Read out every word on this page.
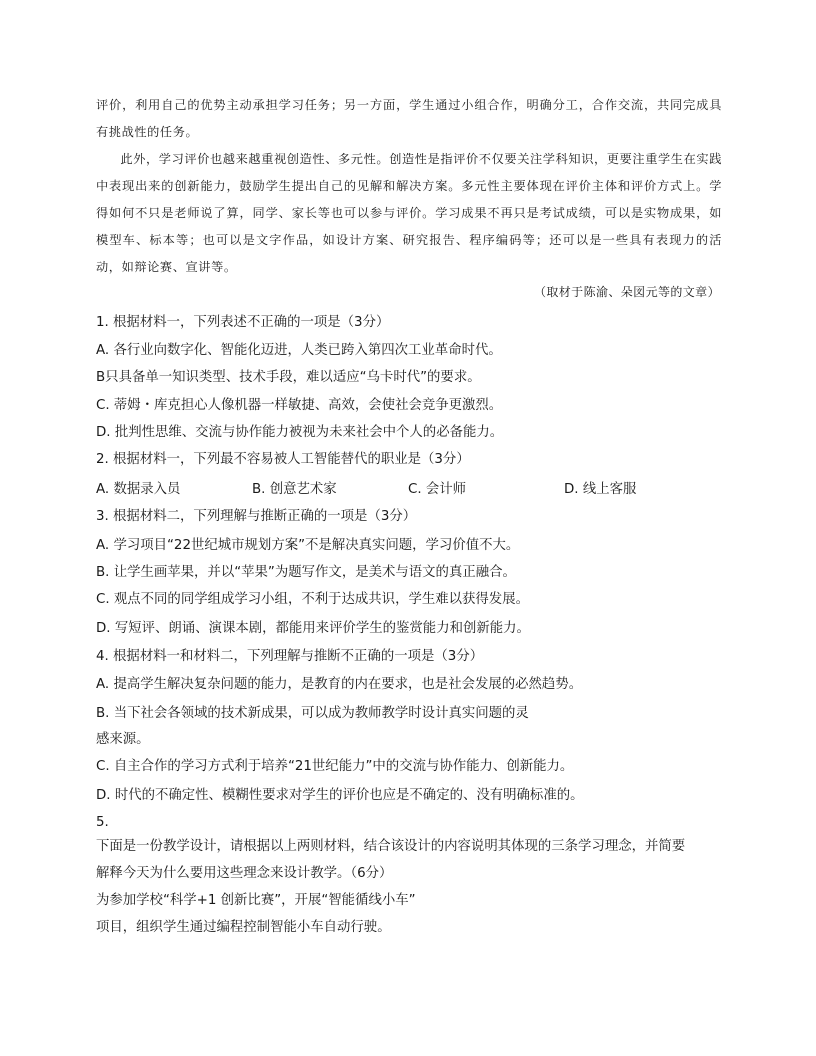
评价，利用自己的优势主动承担学习任务；另一方面，学生通过小组合作，明确分工，合作交流，共同完成具有挑战性的任务。

此外，学习评价也越来越重视创造性、多元性。创造性是指评价不仅要关注学科知识，更要注重学生在实践中表现出来的创新能力，鼓励学生提出自己的见解和解决方案。多元性主要体现在评价主体和评价方式上。学得如何不只是老师说了算，同学、家长等也可以参与评价。学习成果不再只是考试成绩，可以是实物成果，如模型车、标本等；也可以是文字作品，如设计方案、研究报告、程序编码等；还可以是一些具有表现力的活动，如辩论赛、宣讲等。

（取材于陈渝、朵図元等的文章）

1. 根据材料一，下列表述不正确的一项是（3分）

A. 各行业向数字化、智能化迈进，人类已跨入第四次工业革命时代。

B只具备单一知识类型、技术手段，难以适应“乌卡时代”的要求。

C. 蒂姆・库克担心人像机器一样敏捷、高效，会使社会竞争更激烈。

D. 批判性思维、交流与协作能力被视为未来社会中个人的必备能力。

2. 根据材料一，下列最不容易被人工智能替代的职业是（3分）

A. 数据录入员	B. 创意艺术家	C. 会计师	D. 线上客服

3. 根据材料二，下列理解与推断正确的一项是（3分）

A. 学习项目“22世纪城市规划方案”不是解决真实问题，学习价值不大。

B. 让学生画苹果，并以“苹果”为题写作文，是美术与语文的真正融合。

C. 观点不同的同学组成学习小组，不利于达成共识，学生难以获得发展。

D. 写短评、朗诵、演课本剧，都能用来评价学生的鉴赏能力和创新能力。

4. 根据材料一和材料二，下列理解与推断不正确的一项是（3分）

A. 提高学生解决复杂问题的能力，是教育的内在要求，也是社会发展的必然趋势。

B. 当下社会各领域的技术新成果，可以成为教师教学时设计真实问题的灵

感来源。

C. 自主合作的学习方式利于培养“21世纪能力”中的交流与协作能力、创新能力。

D. 时代的不确定性、模糊性要求对学生的评价也应是不确定的、没有明确标准的。

5.

下面是一份教学设计，请根据以上两则材料，结合该设计的内容说明其体现的三条学习理念，并简要

解释今天为什么要用这些理念来设计教学。（6分）

为参加学校“科学+1 创新比赛”，开展“智能循线小车”

项目，组织学生通过编程控制智能小车自动行驶。
